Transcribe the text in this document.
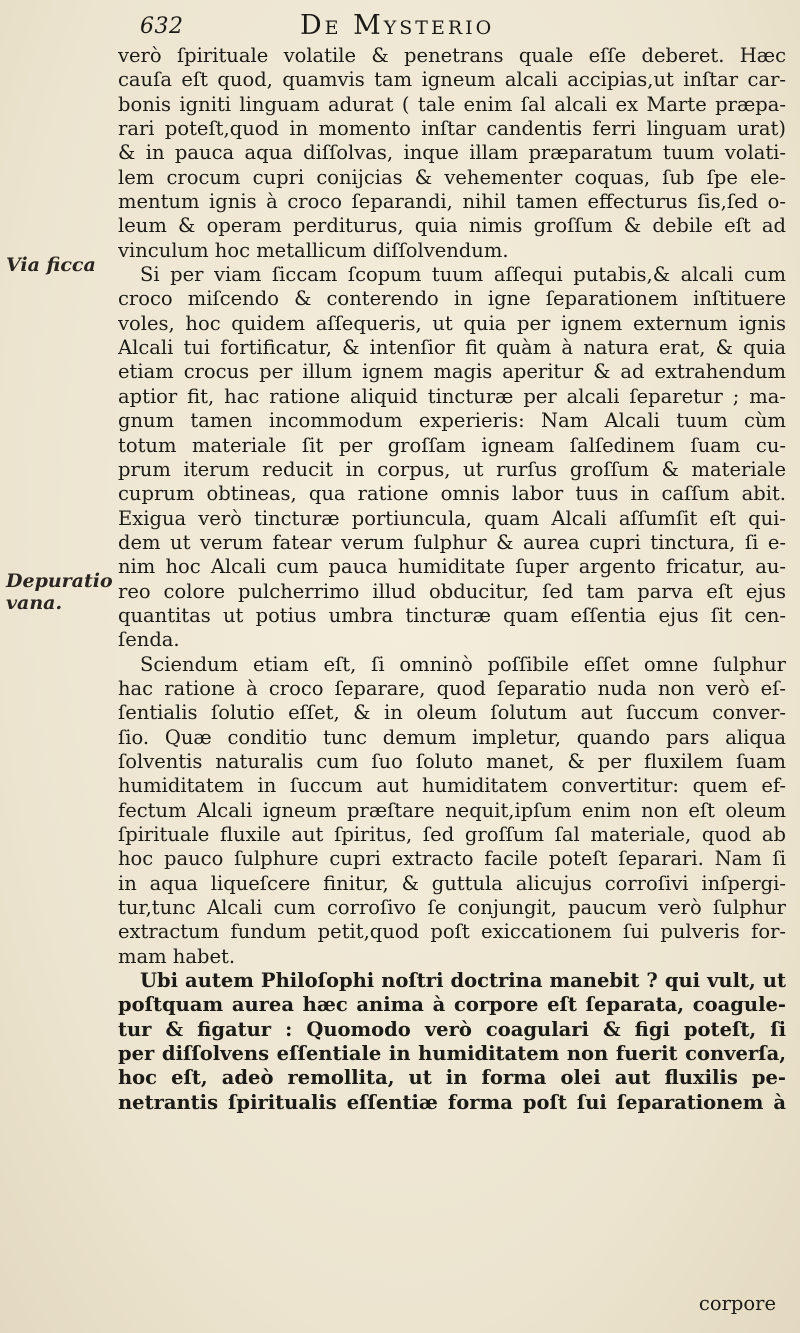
632	De Mysterio
Via ficca
Depuratio
vana.
verò ſpirituale volatile & penetrans quale eſſe deberet. Hæc
cauſa eſt quod, quamvis tam igneum alcali accipias,ut inſtar car-
bonis igniti linguam adurat ( tale enim ſal alcali ex Marte præpa-
rari poteſt,quod in momento inſtar candentis ferri linguam urat)
& in pauca aqua diſſolvas, inque illam præparatum tuum volati-
lem crocum cupri conijcias & vehementer coquas, ſub ſpe ele-
mentum ignis à croco ſeparandi, nihil tamen effecturus ſis,ſed o-
leum & operam perditurus, quia nimis groſſum & debile eſt ad
vinculum hoc metallicum diſſolvendum.
Si per viam ſiccam ſcopum tuum aſſequi putabis,& alcali cum
croco miſcendo & conterendo in igne ſeparationem inſtituere
voles, hoc quidem aſſequeris, ut quia per ignem externum ignis
Alcali tui fortificatur, & intenſior fit quàm à natura erat, & quia
etiam crocus per illum ignem magis aperitur & ad extrahendum
aptior fit, hac ratione aliquid tincturæ per alcali ſeparetur ; ma-
gnum tamen incommodum experieris: Nam Alcali tuum cùm
totum materiale ſit per groſſam igneam ſalſedinem ſuam cu-
prum iterum reducit in corpus, ut rurſus groſſum & materiale
cuprum obtineas, qua ratione omnis labor tuus in caſſum abit.
Exigua verò tincturæ portiuncula, quam Alcali aſſumſit eſt qui-
dem ut verum fatear verum ſulphur & aurea cupri tinctura, ſi e-
nim hoc Alcali cum pauca humiditate ſuper argento fricatur, au-
reo colore pulcherrimo illud obducitur, ſed tam parva eſt ejus
quantitas ut potius umbra tincturæ quam eſſentia ejus ſit cen-
ſenda.
Sciendum etiam eſt, ſi omninò poſſibile eſſet omne ſulphur
hac ratione à croco ſeparare, quod ſeparatio nuda non verò eſ-
ſentialis ſolutio eſſet, & in oleum ſolutum aut ſuccum conver-
ſio. Quæ conditio tunc demum impletur, quando pars aliqua
ſolventis naturalis cum ſuo ſoluto manet, & per fluxilem ſuam
humiditatem in ſuccum aut humiditatem convertitur: quem ef-
fectum Alcali igneum præſtare nequit,ipſum enim non eſt oleum
ſpirituale fluxile aut ſpiritus, ſed groſſum ſal materiale, quod ab
hoc pauco ſulphure cupri extracto facile poteſt ſeparari. Nam ſi
in aqua liqueſcere finitur, & guttula alicujus corroſivi inſpergi-
tur,tunc Alcali cum corroſivo ſe conjungit, paucum verò ſulphur
extractum fundum petit,quod poſt exiccationem ſui pulveris for-
mam habet.
Ubi autem Philoſophi noſtri doctrina manebit ? qui vult, ut
poſtquam aurea hæc anima à corpore eſt ſeparata, coagule-
tur & figatur : Quomodo verò coagulari & figi poteſt, ſi
per diſſolvens eſſentiale in humiditatem non fuerit converſa,
hoc eſt, adeò remollita, ut in forma olei aut fluxilis pe-
netrantis ſpiritualis eſſentiæ forma poſt ſui ſeparationem à
corpore
